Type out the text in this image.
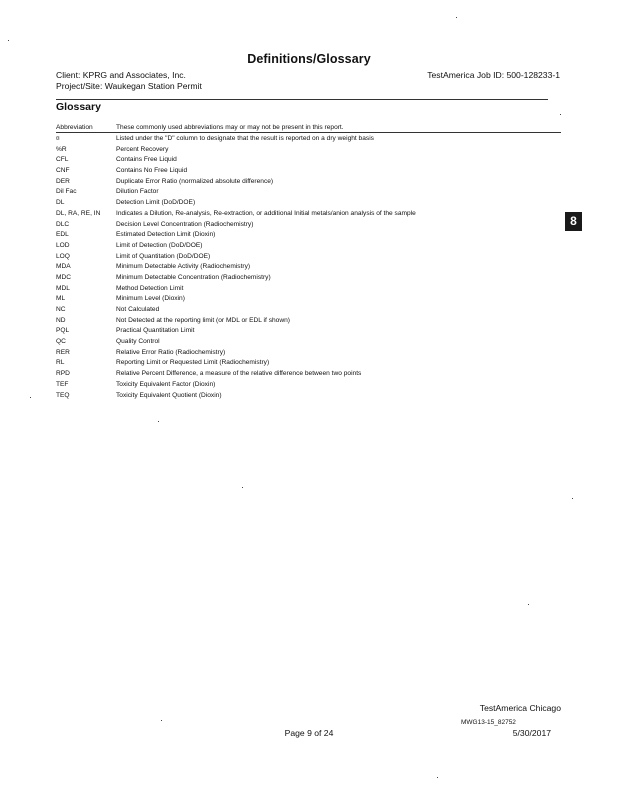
Definitions/Glossary
Client: KPRG and Associates, Inc.
Project/Site: Waukegan Station Permit
TestAmerica Job ID: 500-128233-1
Glossary
Abbreviation	These commonly used abbreviations may or may not be present in this report.
¤	Listed under the "D" column to designate that the result is reported on a dry weight basis
%R	Percent Recovery
CFL	Contains Free Liquid
CNF	Contains No Free Liquid
DER	Duplicate Error Ratio (normalized absolute difference)
Dil Fac	Dilution Factor
DL	Detection Limit (DoD/DOE)
DL, RA, RE, IN	Indicates a Dilution, Re-analysis, Re-extraction, or additional Initial metals/anion analysis of the sample
DLC	Decision Level Concentration (Radiochemistry)
EDL	Estimated Detection Limit (Dioxin)
LOD	Limit of Detection (DoD/DOE)
LOQ	Limit of Quantitation (DoD/DOE)
MDA	Minimum Detectable Activity (Radiochemistry)
MDC	Minimum Detectable Concentration (Radiochemistry)
MDL	Method Detection Limit
ML	Minimum Level (Dioxin)
NC	Not Calculated
ND	Not Detected at the reporting limit (or MDL or EDL if shown)
PQL	Practical Quantitation Limit
QC	Quality Control
RER	Relative Error Ratio (Radiochemistry)
RL	Reporting Limit or Requested Limit (Radiochemistry)
RPD	Relative Percent Difference, a measure of the relative difference between two points
TEF	Toxicity Equivalent Factor (Dioxin)
TEQ	Toxicity Equivalent Quotient (Dioxin)
8
TestAmerica Chicago
MWG13-15_82752
Page 9 of 24	5/30/2017
